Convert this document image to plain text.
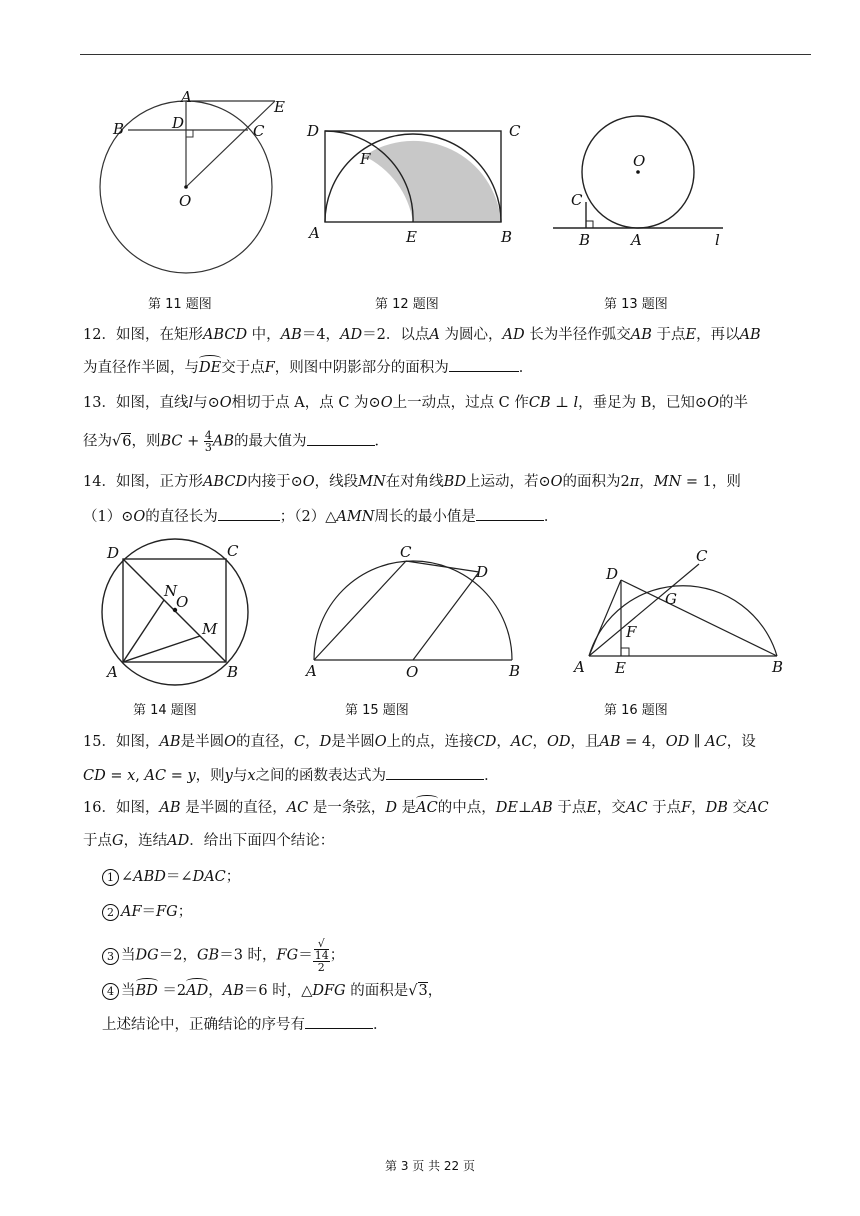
A
B	C
D
E
O
D	C
A	E	B
F	O
C
B	A	l
第 11 题图	第 12 题图	第 13 题图
12．如图，在矩形ABCD 中，AB＝4，AD＝2．以点A 为圆心，AD 长为半径作弧交AB 于点E，再以AB
为直径作半圆，与DE交于点F，则图中阴影部分的面积为	．
13．如图，直线l与⊙O相切于点 A，点 C 为⊙O上一动点，过点 C 作CB ⊥ l，垂足为 B，已知⊙O的半
径为√6，则BC + $\frac{4}{3}$ AB的最大值为	．
14．如图，正方形ABCD内接于⊙O，线段MN在对角线BD上运动，若⊙O的面积为2π，MN = 1，则
（1）⊙O的直径长为	；（2）△AMN周长的最小值是	．
D	C
A	B
N
O
M
C
D
A	O	B
D
C
G
F
A E	B
第 14 题图	第 15 题图	第 16 题图
15．如图，AB是半圆O的直径，C，D是半圆O上的点，连接CD，AC，OD，且AB = 4，OD ∥ AC，设
CD = x, AC = y，则y与x之间的函数表达式为	．
16．如图，AB 是半圆的直径，AC 是一条弦，D 是AC的中点，DE⊥AB 于点E，交AC 于点F，DB 交AC
于点G，连结AD．给出下面四个结论：
1 ∠ABD＝∠DAC；
2 AF＝FG；
3 当DG＝2，GB＝3 时，FG＝ √
14
2 ；
4 当BD ＝2AD，AB＝6 时，△DFG 的面积是√3，
上述结论中，正确结论的序号有	．
第 3 页 共 22 页
